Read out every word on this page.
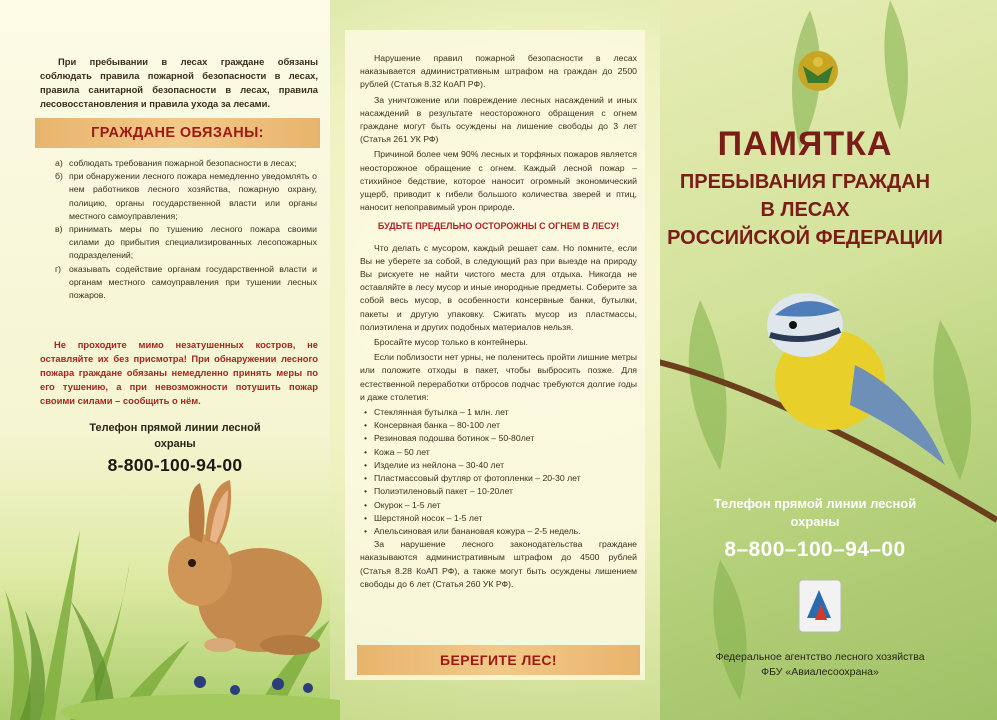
При пребывании в лесах граждане обязаны соблюдать правила пожарной безопасности в лесах, правила санитарной безопасности в лесах, правила лесовосстановления и правила ухода за лесами.
ГРАЖДАНЕ ОБЯЗАНЫ:
а) соблюдать требования пожарной безопасности в лесах;
б) при обнаружении лесного пожара немедленно уведомлять о нем работников лесного хозяйства, пожарную охрану, полицию, органы государственной власти или органы местного самоуправления;
в) принимать меры по тушению лесного пожара своими силами до прибытия специализированных лесопожарных подразделений;
г) оказывать содействие органам государственной власти и органам местного самоуправления при тушении лесных пожаров.
Не проходите мимо незатушенных костров, не оставляйте их без присмотра! При обнаружении лесного пожара граждане обязаны немедленно принять меры по его тушению, а при невозможности потушить пожар своими силами – сообщить о нём.
Телефон прямой линии лесной охраны
8-800-100-94-00

Нарушение правил пожарной безопасности в лесах наказывается административным штрафом на граждан до 2500 рублей (Статья 8.32 КоАП РФ).

За уничтожение или повреждение лесных насаждений и иных насаждений в результате неосторожного обращения с огнем граждане могут быть осуждены на лишение свободы до 3 лет (Статья 261 УК РФ)

Причиной более чем 90% лесных и торфяных пожаров является неосторожное обращение с огнем. Каждый лесной пожар – стихийное бедствие, которое наносит огромный экономический ущерб, приводит к гибели большого количества зверей и птиц, наносит непоправимый урон природе.

БУДЬТЕ ПРЕДЕЛЬНО ОСТОРОЖНЫ С ОГНЕМ В ЛЕСУ!

Что делать с мусором, каждый решает сам. Но помните, если Вы не уберете за собой, в следующий раз при выезде на природу Вы рискуете не найти чистого места для отдыха. Никогда не оставляйте в лесу мусор и иные инородные предметы. Соберите за собой весь мусор, в особенности консервные банки, бутылки, пакеты и другую упаковку. Сжигать мусор из пластмассы, полиэтилена и других подобных материалов нельзя.

Бросайте мусор только в контейнеры.

Если поблизости нет урны, не поленитесь пройти лишние метры или положите отходы в пакет, чтобы выбросить позже. Для естественной переработки отбросов подчас требуются долгие годы и даже столетия:

• Стеклянная бутылка – 1 млн. лет
• Консервная банка – 80-100 лет
• Резиновая подошва ботинок – 50-80лет
• Кожа – 50 лет
• Изделие из нейлона – 30-40 лет
• Пластмассовый футляр от фотопленки – 20-30 лет
• Полиэтиленовый пакет – 10-20лет
• Окурок – 1-5 лет
• Шерстяной носок – 1-5 лет
• Апельсиновая или банановая кожура – 2-5 недель.

За нарушение лесного законодательства граждане наказываются административным штрафом до 4500 рублей (Статья 8.28 КоАП РФ), а также могут быть осуждены лишением свободы до 6 лет (Статья 260 УК РФ).

БЕРЕГИТЕ ЛЕС!
ПАМЯТКА
ПРЕБЫВАНИЯ ГРАЖДАН
В ЛЕСАХ
РОССИЙСКОЙ ФЕДЕРАЦИИ
Телефон прямой линии лесной охраны
8–800–100–94–00
Федеральное агентство лесного хозяйства
ФБУ «Авиалесоохрана»
